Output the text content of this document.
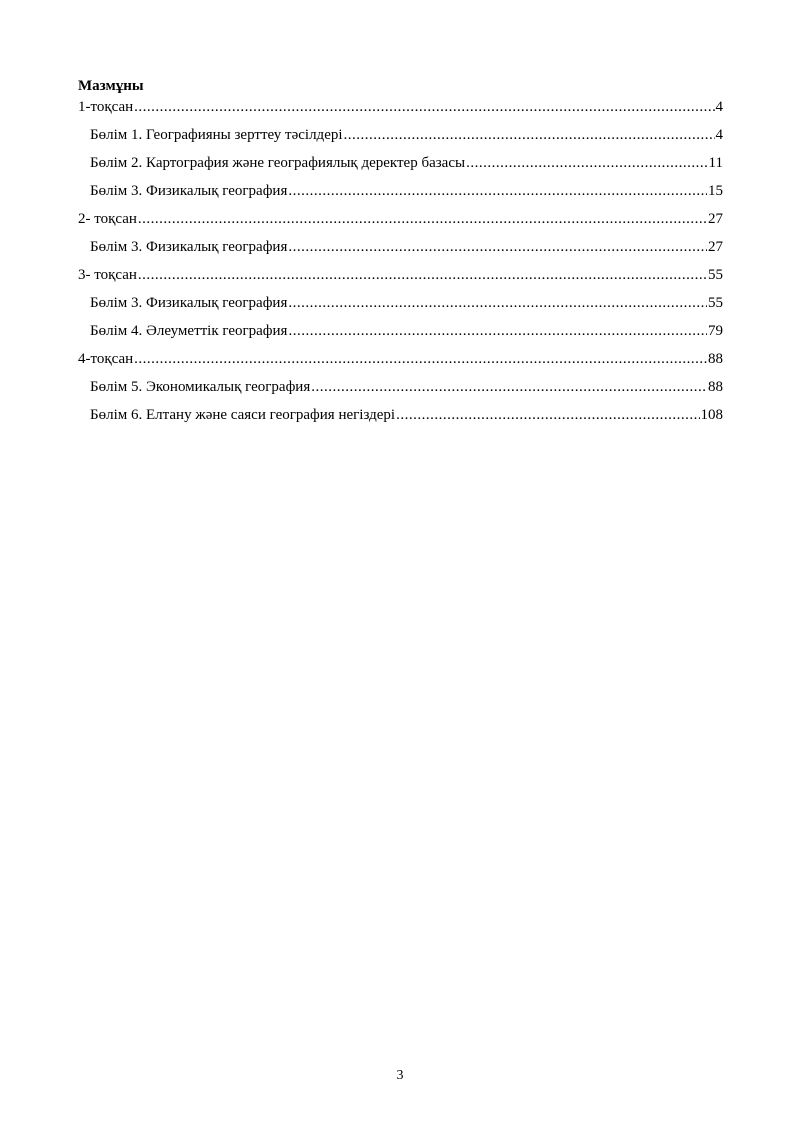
Мазмұны
1-тоқсан .....	4
Бөлім 1. Географияны зерттеу тәсілдері .....	4
Бөлім 2. Картография және географиялық деректер базасы .....	11
Бөлім 3. Физикалық география .....	15
2- тоқсан .....	27
Бөлім 3. Физикалық география .....	27
3- тоқсан .....	55
Бөлім 3. Физикалық география .....	55
Бөлім 4. Әлеуметтік география .....	79
4-тоқсан .....	88
Бөлім 5. Экономикалық география .....	88
Бөлім 6. Елтану және саяси география негіздері .....	108
3
